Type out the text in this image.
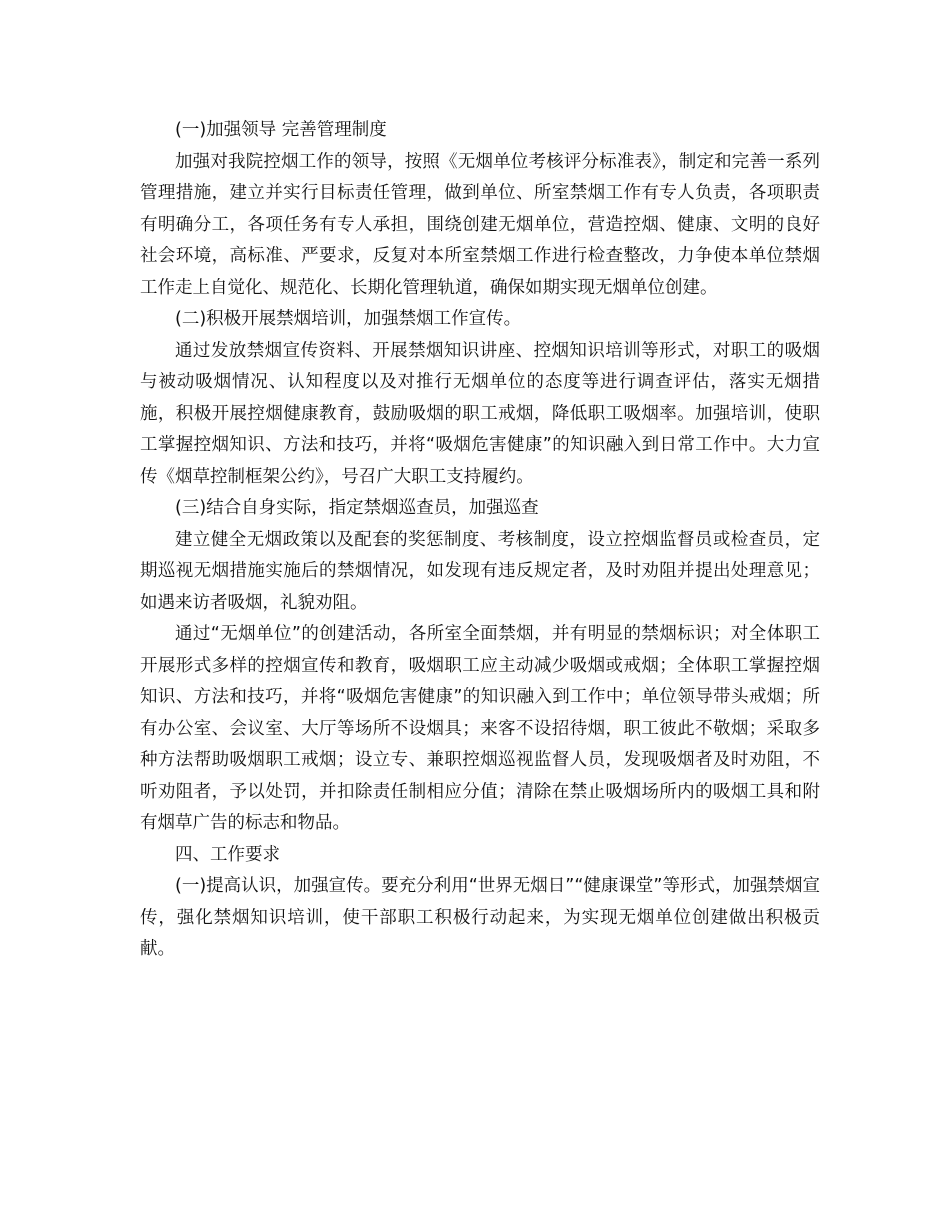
(一)加强领导 完善管理制度

加强对我院控烟工作的领导，按照《无烟单位考核评分标准表》，制定和完善一系列管理措施，建立并实行目标责任管理，做到单位、所室禁烟工作有专人负责，各项职责有明确分工，各项任务有专人承担，围绕创建无烟单位，营造控烟、健康、文明的良好社会环境，高标准、严要求，反复对本所室禁烟工作进行检查整改，力争使本单位禁烟工作走上自觉化、规范化、长期化管理轨道，确保如期实现无烟单位创建。

(二)积极开展禁烟培训，加强禁烟工作宣传。

通过发放禁烟宣传资料、开展禁烟知识讲座、控烟知识培训等形式，对职工的吸烟与被动吸烟情况、认知程度以及对推行无烟单位的态度等进行调查评估，落实无烟措施，积极开展控烟健康教育，鼓励吸烟的职工戒烟，降低职工吸烟率。加强培训，使职工掌握控烟知识、方法和技巧，并将“吸烟危害健康”的知识融入到日常工作中。大力宣传《烟草控制框架公约》，号召广大职工支持履约。

(三)结合自身实际，指定禁烟巡查员，加强巡查

建立健全无烟政策以及配套的奖惩制度、考核制度，设立控烟监督员或检查员，定期巡视无烟措施实施后的禁烟情况，如发现有违反规定者，及时劝阻并提出处理意见；如遇来访者吸烟，礼貌劝阻。

通过“无烟单位”的创建活动，各所室全面禁烟，并有明显的禁烟标识；对全体职工开展形式多样的控烟宣传和教育，吸烟职工应主动减少吸烟或戒烟；全体职工掌握控烟知识、方法和技巧，并将“吸烟危害健康”的知识融入到工作中；单位领导带头戒烟；所有办公室、会议室、大厅等场所不设烟具；来客不设招待烟，职工彼此不敬烟；采取多种方法帮助吸烟职工戒烟；设立专、兼职控烟巡视监督人员，发现吸烟者及时劝阻，不听劝阻者，予以处罚，并扣除责任制相应分值；清除在禁止吸烟场所内的吸烟工具和附有烟草广告的标志和物品。

四、工作要求

(一)提高认识，加强宣传。要充分利用“世界无烟日”“健康课堂”等形式，加强禁烟宣传，强化禁烟知识培训，使干部职工积极行动起来，为实现无烟单位创建做出积极贡献。
